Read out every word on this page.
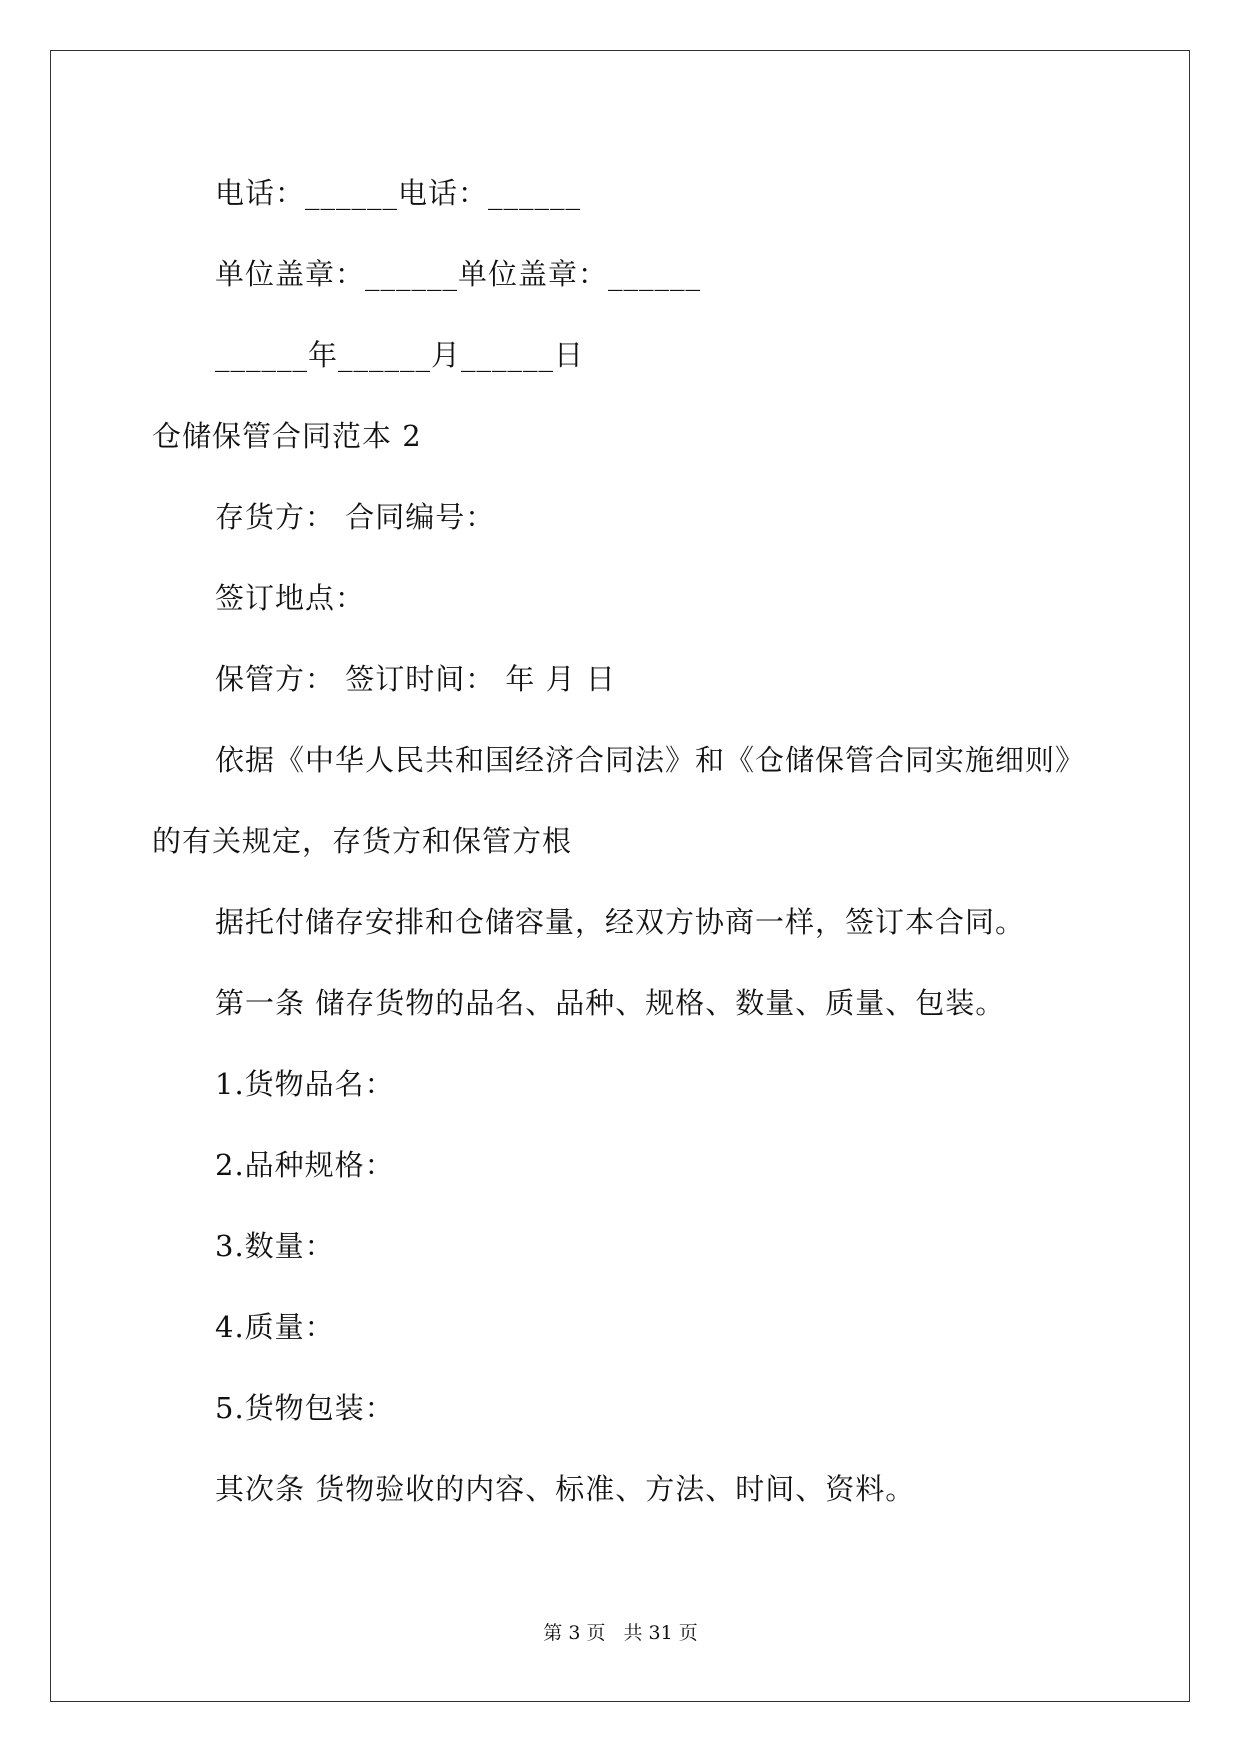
电话：______电话：______
单位盖章：______单位盖章：______
______年______月______日
仓储保管合同范本 2
存货方： 合同编号：
签订地点：
保管方： 签订时间： 年 月 日
依据《中华人民共和国经济合同法》和《仓储保管合同实施细则》
的有关规定，存货方和保管方根
据托付储存安排和仓储容量，经双方协商一样，签订本合同。
第一条 储存货物的品名、品种、规格、数量、质量、包装。
1.货物品名：
2.品种规格：
3.数量：
4.质量：
5.货物包装：
其次条 货物验收的内容、标准、方法、时间、资料。
第 3 页 共 31 页
